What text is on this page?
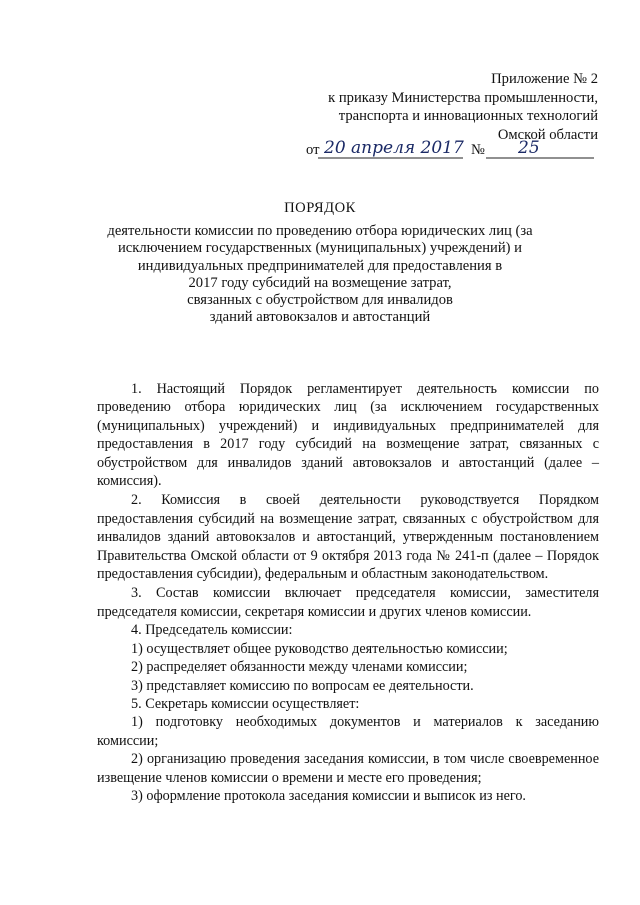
Приложение № 2
к приказу Министерства промышленности,
транспорта и инновационных технологий
Омской области
20 апреля 2017	25
от	№
ПОРЯДОК
деятельности комиссии по проведению отбора юридических лиц (за
исключением государственных (муниципальных) учреждений) и
индивидуальных предпринимателей для предоставления в
2017 году субсидий на возмещение затрат,
связанных с обустройством для инвалидов
зданий автовокзалов и автостанций

1. Настоящий Порядок регламентирует деятельность комиссии по проведению отбора юридических лиц (за исключением государственных (муниципальных) учреждений) и индивидуальных предпринимателей для предоставления в 2017 году субсидий на возмещение затрат, связанных с обустройством для инвалидов зданий автовокзалов и автостанций (далее – комиссия).

2. Комиссия в своей деятельности руководствуется Порядком предоставления субсидий на возмещение затрат, связанных с обустройством для инвалидов зданий автовокзалов и автостанций, утвержденным постановлением Правительства Омской области от 9 октября 2013 года № 241-п (далее – Порядок предоставления субсидии), федеральным и областным законодательством.

3. Состав комиссии включает председателя комиссии, заместителя председателя комиссии, секретаря комиссии и других членов комиссии.

4. Председатель комиссии:

1) осуществляет общее руководство деятельностью комиссии;

2) распределяет обязанности между членами комиссии;

3) представляет комиссию по вопросам ее деятельности.

5. Секретарь комиссии осуществляет:

1) подготовку необходимых документов и материалов к заседанию комиссии;

2) организацию проведения заседания комиссии, в том числе своевременное извещение членов комиссии о времени и месте его проведения;

3) оформление протокола заседания комиссии и выписок из него.
